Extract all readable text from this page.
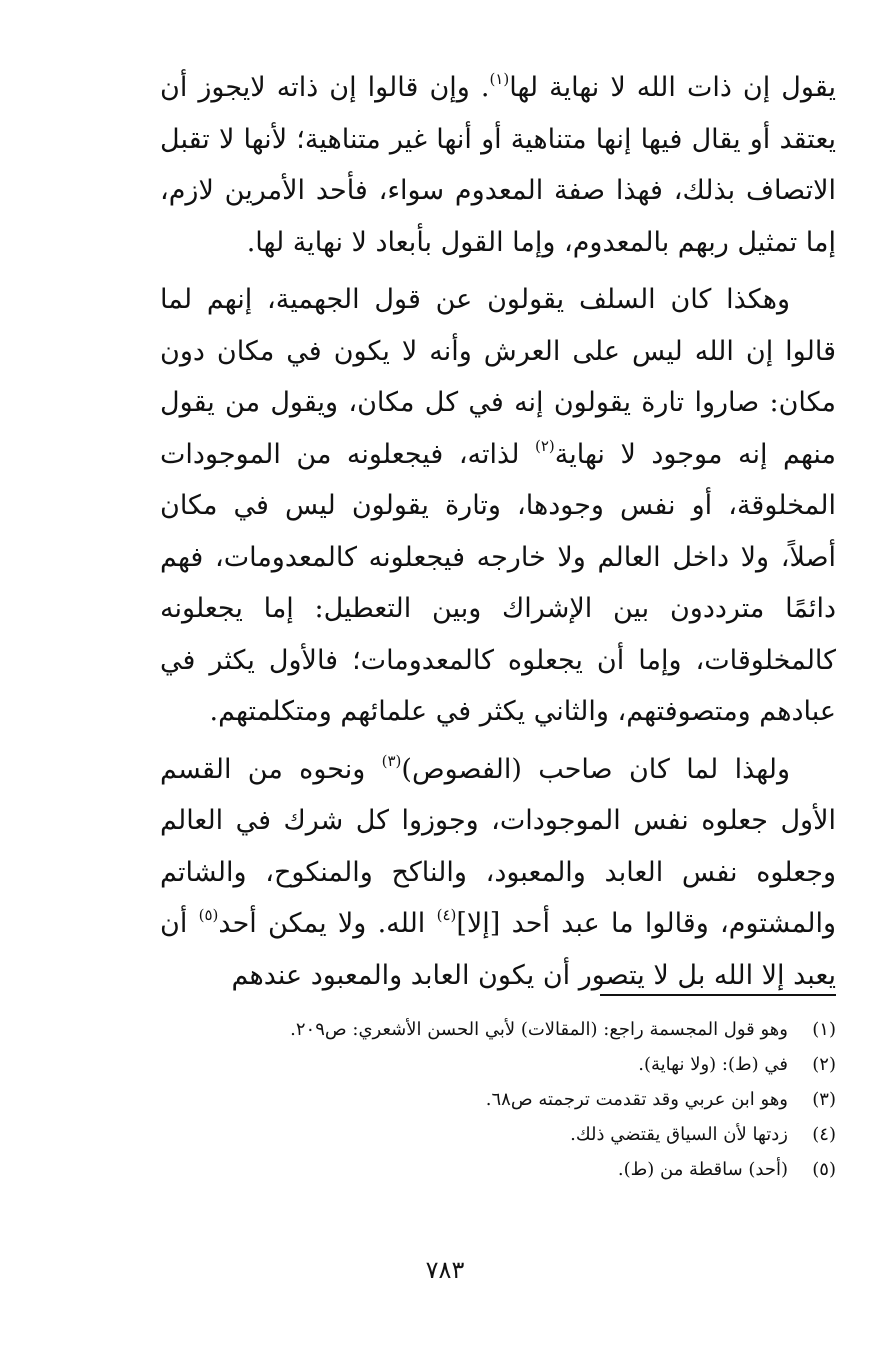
يقول إن ذات الله لا نهاية لها$^{(١)}$. وإن قالوا إن ذاته لايجوز أن يعتقد أو يقال فيها إنها متناهية أو أنها غير متناهية؛ لأنها لا تقبل الاتصاف بذلك، فهذا صفة المعدوم سواء، فأحد الأمرين لازم، إما تمثيل ربهم بالمعدوم، وإما القول بأبعاد لا نهاية لها.

وهكذا كان السلف يقولون عن قول الجهمية، إنهم لما قالوا إن الله ليس على العرش وأنه لا يكون في مكان دون مكان: صاروا تارة يقولون إنه في كل مكان، ويقول من يقول منهم إنه موجود لا نهاية$^{(٢)}$ لذاته، فيجعلونه من الموجودات المخلوقة، أو نفس وجودها، وتارة يقولون ليس في مكان أصلاً، ولا داخل العالم ولا خارجه فيجعلونه كالمعدومات، فهم دائمًا مترددون بين الإشراك وبين التعطيل: إما يجعلونه كالمخلوقات، وإما أن يجعلوه كالمعدومات؛ فالأول يكثر في عبادهم ومتصوفتهم، والثاني يكثر في علمائهم ومتكلمتهم.

ولهذا لما كان صاحب (الفصوص)$^{(٣)}$ ونحوه من القسم الأول جعلوه نفس الموجودات، وجوزوا كل شرك في العالم وجعلوه نفس العابد والمعبود، والناكح والمنكوح، والشاتم والمشتوم، وقالوا ما عبد أحد [إلا]$^{(٤)}$ الله. ولا يمكن أحد$^{(٥)}$ أن يعبد إلا الله بل لا يتصور أن يكون العابد والمعبود عندهم

(١)وهو قول المجسمة راجع: (المقالات) لأبي الحسن الأشعري: ص٢٠٩.
(٢)في (ط): (ولا نهاية).
(٣)وهو ابن عربي وقد تقدمت ترجمته ص٦٨.
(٤)زدتها لأن السياق يقتضي ذلك.
(٥)(أحد) ساقطة من (ط).
٧٨٣
